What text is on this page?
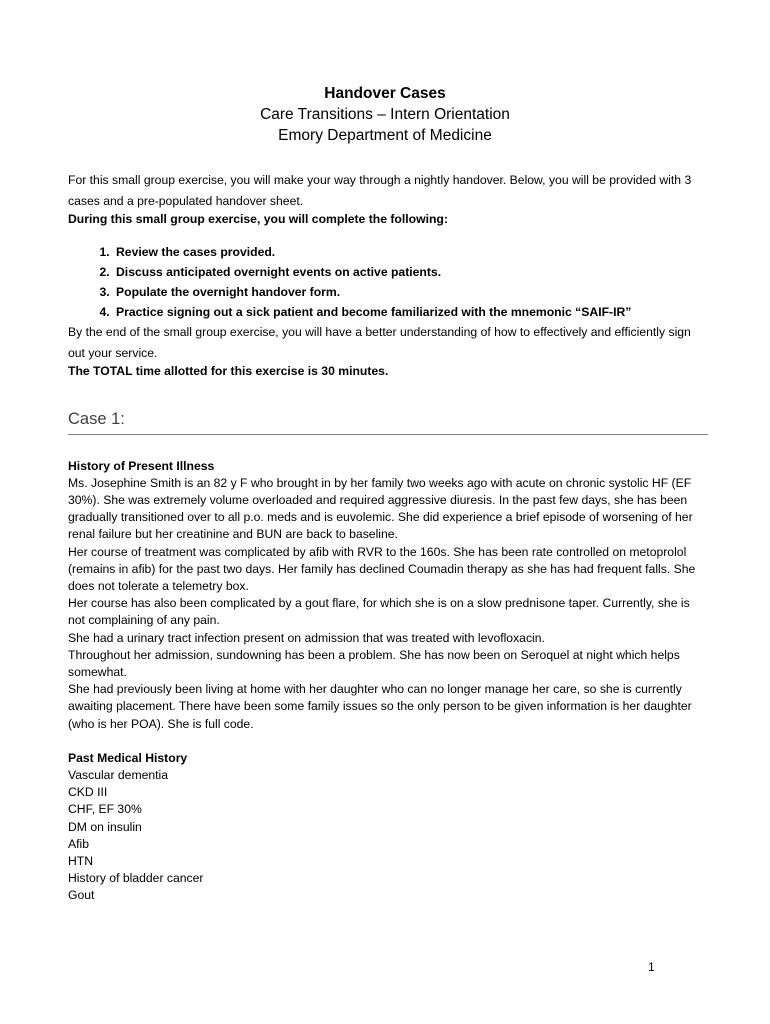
Handover Cases
Care Transitions – Intern Orientation
Emory Department of Medicine

For this small group exercise, you will make your way through a nightly handover. Below, you will be provided with 3 cases and a pre-populated handover sheet.

During this small group exercise, you will complete the following:

1. Review the cases provided.
2. Discuss anticipated overnight events on active patients.
3. Populate the overnight handover form.
4. Practice signing out a sick patient and become familiarized with the mnemonic “SAIF-IR”

By the end of the small group exercise, you will have a better understanding of how to effectively and efficiently sign out your service.

The TOTAL time allotted for this exercise is 30 minutes.

Case 1:

History of Present Illness

Ms. Josephine Smith is an 82 y F who brought in by her family two weeks ago with acute on chronic systolic HF (EF 30%). She was extremely volume overloaded and required aggressive diuresis. In the past few days, she has been gradually transitioned over to all p.o. meds and is euvolemic. She did experience a brief episode of worsening of her renal failure but her creatinine and BUN are back to baseline.

Her course of treatment was complicated by afib with RVR to the 160s. She has been rate controlled on metoprolol (remains in afib) for the past two days. Her family has declined Coumadin therapy as she has had frequent falls. She does not tolerate a telemetry box.

Her course has also been complicated by a gout flare, for which she is on a slow prednisone taper. Currently, she is not complaining of any pain.

She had a urinary tract infection present on admission that was treated with levofloxacin.

Throughout her admission, sundowning has been a problem. She has now been on Seroquel at night which helps somewhat.

She had previously been living at home with her daughter who can no longer manage her care, so she is currently awaiting placement. There have been some family issues so the only person to be given information is her daughter (who is her POA). She is full code.

Past Medical History

Vascular dementia

CKD III

CHF, EF 30%

DM on insulin

Afib

HTN

History of bladder cancer

Gout

1
